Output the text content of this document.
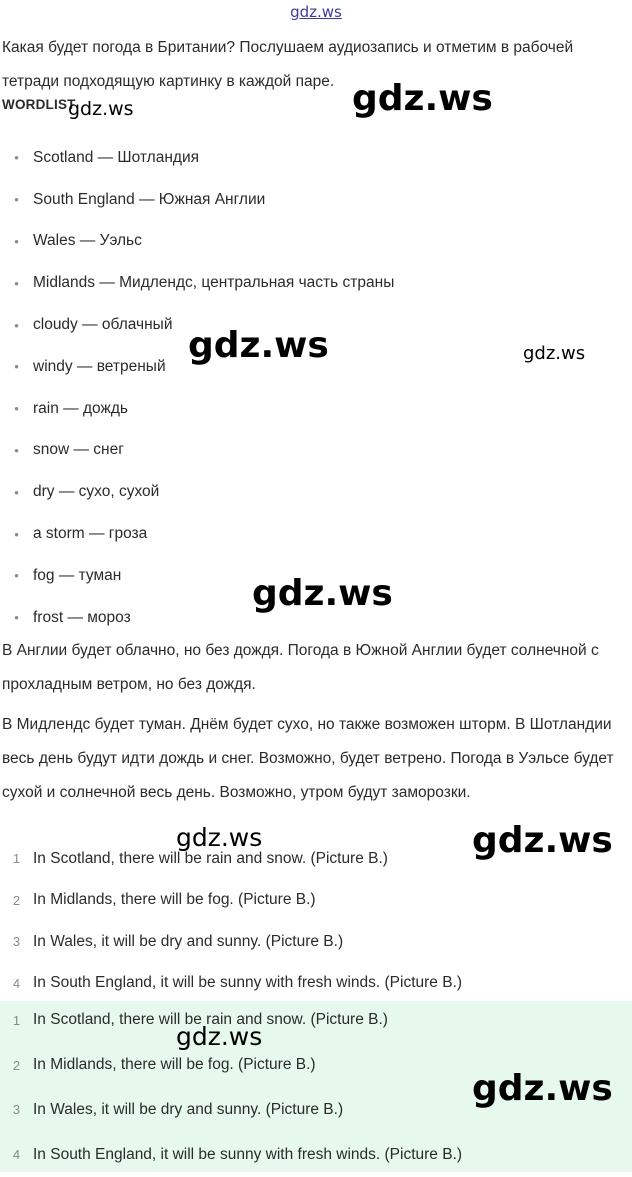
gdz.ws

Какая будет погода в Британии? Послушаем аудиозапись и отметим в рабочей тетради подходящую картинку в каждой паре.

WORDLIST
• Scotland — Шотландия
• South England — Южная Англии
• Wales — Уэльс
• Midlands — Мидлендс, центральная часть страны
• cloudy — облачный
• windy — ветреный
• rain — дождь
• snow — снег
• dry — сухо, сухой
• a storm — гроза
• fog — туман
• frost — мороз

В Англии будет облачно, но без дождя. Погода в Южной Англии будет солнечной с прохладным ветром, но без дождя.

В Мидлендс будет туман. Днём будет сухо, но также возможен шторм. В Шотландии весь день будут идти дождь и снег. Возможно, будет ветрено. Погода в Уэльсе будет сухой и солнечной весь день. Возможно, утром будут заморозки.

1 In Scotland, there will be rain and snow. (Picture B.)
2 In Midlands, there will be fog. (Picture B.)
3 In Wales, it will be dry and sunny. (Picture B.)
4 In South England, it will be sunny with fresh winds. (Picture B.)
1 In Scotland, there will be rain and snow. (Picture B.)
2 In Midlands, there will be fog. (Picture B.)
3 In Wales, it will be dry and sunny. (Picture B.)
4 In South England, it will be sunny with fresh winds. (Picture B.)
gdz.ws	gdz.ws
gdz.ws	gdz.ws
gdz.ws
gdz.ws	gdz.ws
gdz.ws
gdz.ws
